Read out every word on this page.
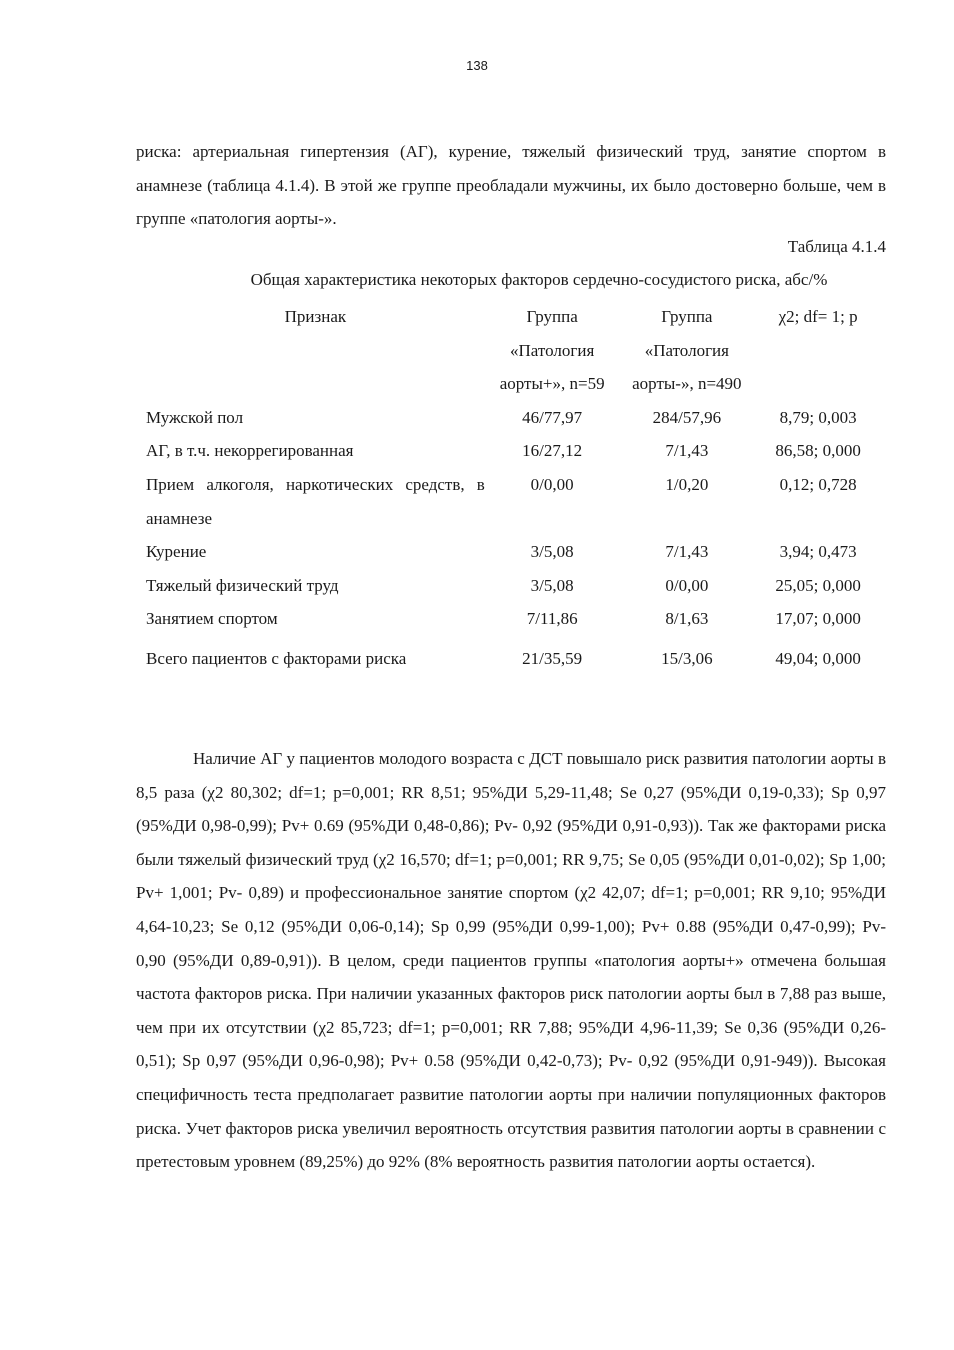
138

риска: артериальная гипертензия (АГ), курение, тяжелый физический труд, занятие спортом в анамнезе (таблица 4.1.4). В этой же группе преобладали мужчины, их было достоверно больше, чем в группе «патология аорты-».

Таблица 4.1.4
Общая характеристика некоторых факторов сердечно-сосудистого риска, абс/%
Признак	Группа «Патология аорты+», n=59	Группа «Патология аорты-», n=490	χ2; df= 1; p
Мужской пол	46/77,97	284/57,96	8,79; 0,003
АГ, в т.ч. некоррегированная	16/27,12	7/1,43	86,58; 0,000
Прием алкоголя, наркотических средств, в анамнезе	0/0,00	1/0,20	0,12; 0,728
Курение	3/5,08	7/1,43	3,94; 0,473
Тяжелый физический труд	3/5,08	0/0,00	25,05; 0,000
Занятием спортом	7/11,86	8/1,63	17,07; 0,000

Всего пациентов с факторами риска	21/35,59	15/3,06	49,04; 0,000

Наличие АГ у пациентов молодого возраста с ДСТ повышало риск развития патологии аорты в 8,5 раза (χ2 80,302; df=1; p=0,001; RR 8,51; 95%ДИ 5,29-11,48; Se 0,27 (95%ДИ 0,19-0,33); Sp 0,97 (95%ДИ 0,98-0,99); Pv+ 0.69 (95%ДИ 0,48-0,86); Pv- 0,92 (95%ДИ 0,91-0,93)). Так же факторами риска были тяжелый физический труд (χ2 16,570; df=1; p=0,001; RR 9,75; Se 0,05 (95%ДИ 0,01-0,02); Sp 1,00; Pv+ 1,001; Pv- 0,89) и профессиональное занятие спортом (χ2 42,07; df=1; p=0,001; RR 9,10; 95%ДИ 4,64-10,23; Se 0,12 (95%ДИ 0,06-0,14); Sp 0,99 (95%ДИ 0,99-1,00); Pv+ 0.88 (95%ДИ 0,47-0,99); Pv- 0,90 (95%ДИ 0,89-0,91)). В целом, среди пациентов группы «патология аорты+» отмечена большая частота факторов риска. При наличии указанных факторов риск патологии аорты был в 7,88 раз выше, чем при их отсутствии (χ2 85,723; df=1; p=0,001; RR 7,88; 95%ДИ 4,96-11,39; Se 0,36 (95%ДИ 0,26-0,51); Sp 0,97 (95%ДИ 0,96-0,98); Pv+ 0.58 (95%ДИ 0,42-0,73); Pv- 0,92 (95%ДИ 0,91-949)). Высокая специфичность теста предполагает развитие патологии аорты при наличии популяционных факторов риска. Учет факторов риска увеличил вероятность отсутствия развития патологии аорты в сравнении с претестовым уровнем (89,25%) до 92% (8% вероятность развития патологии аорты остается).
